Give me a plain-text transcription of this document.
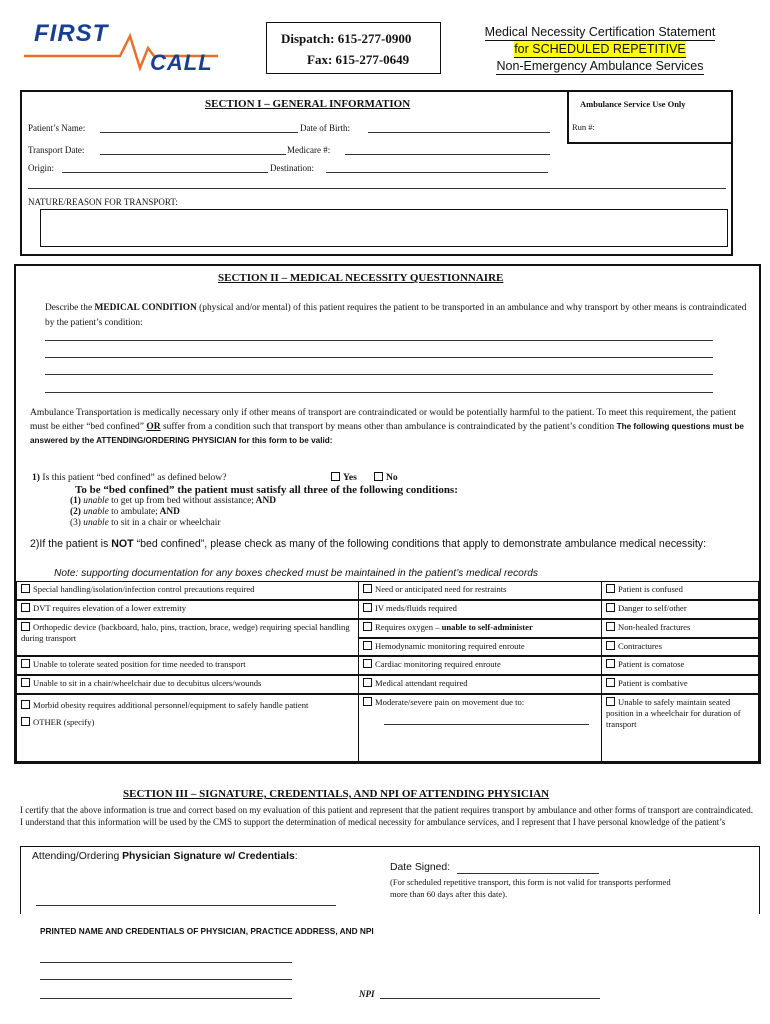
FIRST
CALL
Dispatch: 615-277-0900
Fax: 615-277-0649
Medical Necessity Certification Statement
for SCHEDULED REPETITIVE
Non-Emergency Ambulance Services
SECTION I – GENERAL INFORMATION	Ambulance Service Use Only
Run #:
Patient’s Name:	Date of Birth:
Transport Date:	Medicare #:
Origin:	Destination:
NATURE/REASON FOR TRANSPORT:
SECTION II – MEDICAL NECESSITY QUESTIONNAIRE
Describe the MEDICAL CONDITION (physical and/or mental) of this patient requires the patient to be transported in an ambulance and why transport by other means is contraindicated by the patient’s condition:
Ambulance Transportation is medically necessary only if other means of transport are contraindicated or would be potentially harmful to the patient. To meet this requirement, the patient must be either “bed confined” OR suffer from a condition such that transport by means other than ambulance is contraindicated by the patient’s condition The following questions must be answered by the ATTENDING/ORDERING PHYSICIAN for this form to be valid:
1) Is this patient “bed confined” as defined below?	Yes	No
To be “bed confined” the patient must satisfy all three of the following conditions:
(1) unable to get up from bed without assistance; AND
(2) unable to ambulate; AND
(3) unable to sit in a chair or wheelchair
2)If the patient is NOT “bed confined”, please check as many of the following conditions that apply to demonstrate ambulance medical necessity:
Note: supporting documentation for any boxes checked must be maintained in the patient’s medical records
Special handling/isolation/infection control precautions required	Need or anticipated need for restraints	Patient is confused
DVT requires elevation of a lower extremity	IV meds/fluids required	Danger to self/other
Orthopedic device (backboard, halo, pins, traction, brace, wedge) requiring special handling during transport
Requires oxygen – unable to self-administer	Non-healed fractures
Hemodynamic monitoring required enroute	Contractures
Unable to tolerate seated position for time needed to transport	Cardiac monitoring required enroute	Patient is comatose
Unable to sit in a chair/wheelchair due to decubitus ulcers/wounds	Medical attendant required	Patient is combative
Morbid obesity requires additional personnel/equipment to safely handle patient
OTHER (specify)
Moderate/severe pain on movement due to:	Unable to safely maintain seated position in a wheelchair for duration of transport
SECTION III – SIGNATURE, CREDENTIALS, AND NPI OF ATTENDING PHYSICIAN
I certify that the above information is true and correct based on my evaluation of this patient and represent that the patient requires transport by ambulance and other forms of transport are contraindicated. I understand that this information will be used by the CMS to support the determination of medical necessity for ambulance services, and I represent that I have personal knowledge of the patient’s
Attending/Ordering Physician Signature w/ Credentials:
Date Signed:
(For scheduled repetitive transport, this form is not valid for transports performed more than 60 days after this date).
PRINTED NAME AND CREDENTIALS OF PHYSICIAN, PRACTICE ADDRESS, AND NPI
NPI
